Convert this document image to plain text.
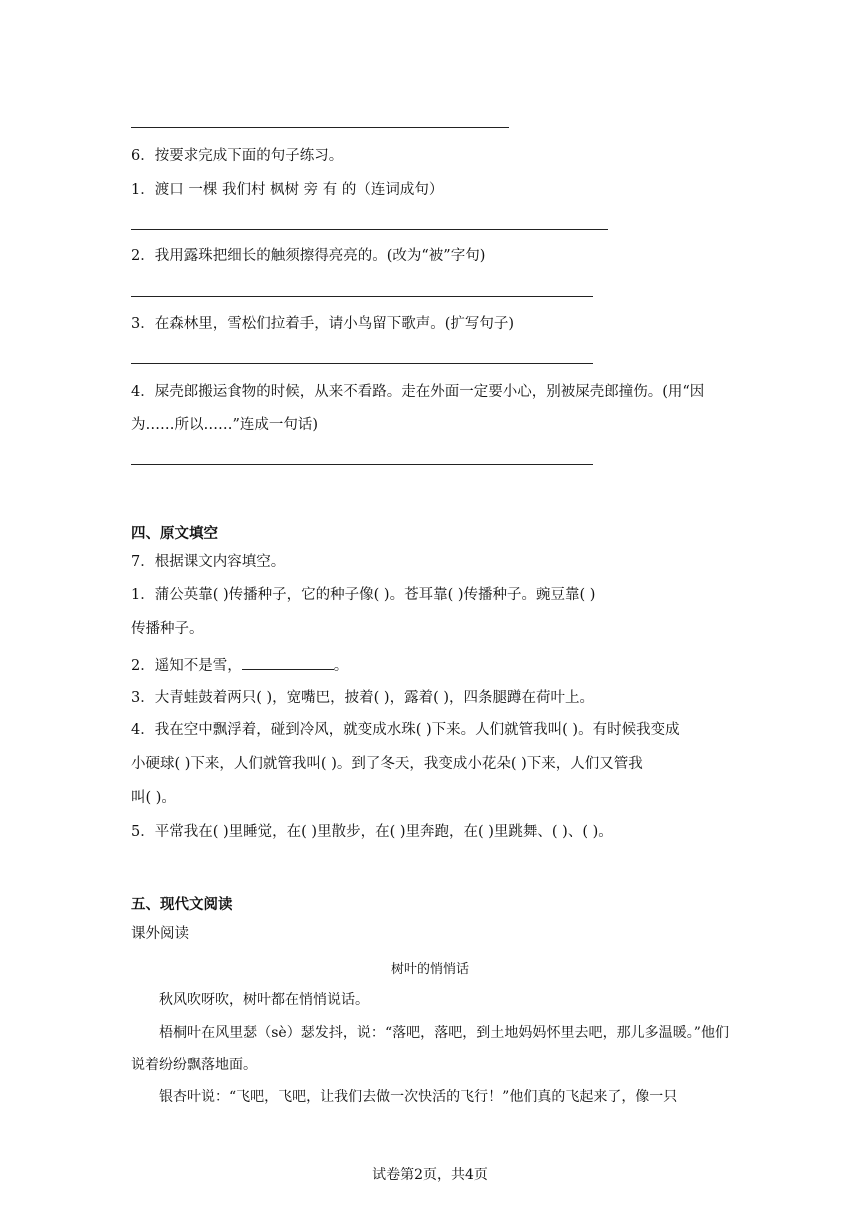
6．按要求完成下面的句子练习。
1．渡口 一棵 我们村 枫树 旁 有 的（连词成句）
2．我用露珠把细长的触须擦得亮亮的。(改为“被”字句)
3．在森林里，雪松们拉着手，请小鸟留下歌声。(扩写句子)
4．屎壳郎搬运食物的时候，从来不看路。走在外面一定要小心，别被屎壳郎撞伤。(用“因
为……所以……”连成一句话)
四、原文填空
7．根据课文内容填空。
1．蒲公英靠( )传播种子，它的种子像( )。苍耳靠( )传播种子。豌豆靠( )
传播种子。
2．遥知不是雪，	。
3．大青蛙鼓着两只( )，宽嘴巴，披着( )，露着( )，四条腿蹲在荷叶上。
4．我在空中飘浮着，碰到冷风，就变成水珠( )下来。人们就管我叫( )。有时候我变成
小硬球( )下来，人们就管我叫( )。到了冬天，我变成小花朵( )下来，人们又管我
叫( )。
5．平常我在( )里睡觉，在( )里散步，在( )里奔跑，在( )里跳舞、( )、( )。
五、现代文阅读
课外阅读
树叶的悄悄话
秋风吹呀吹，树叶都在悄悄说话。
梧桐叶在风里瑟（sè）瑟发抖，说：“落吧，落吧，到土地妈妈怀里去吧，那儿多温暖。”他们说着纷纷飘落地面。
银杏叶说：“飞吧，飞吧，让我们去做一次快活的飞行！”他们真的飞起来了，像一只
试卷第2页，共4页
